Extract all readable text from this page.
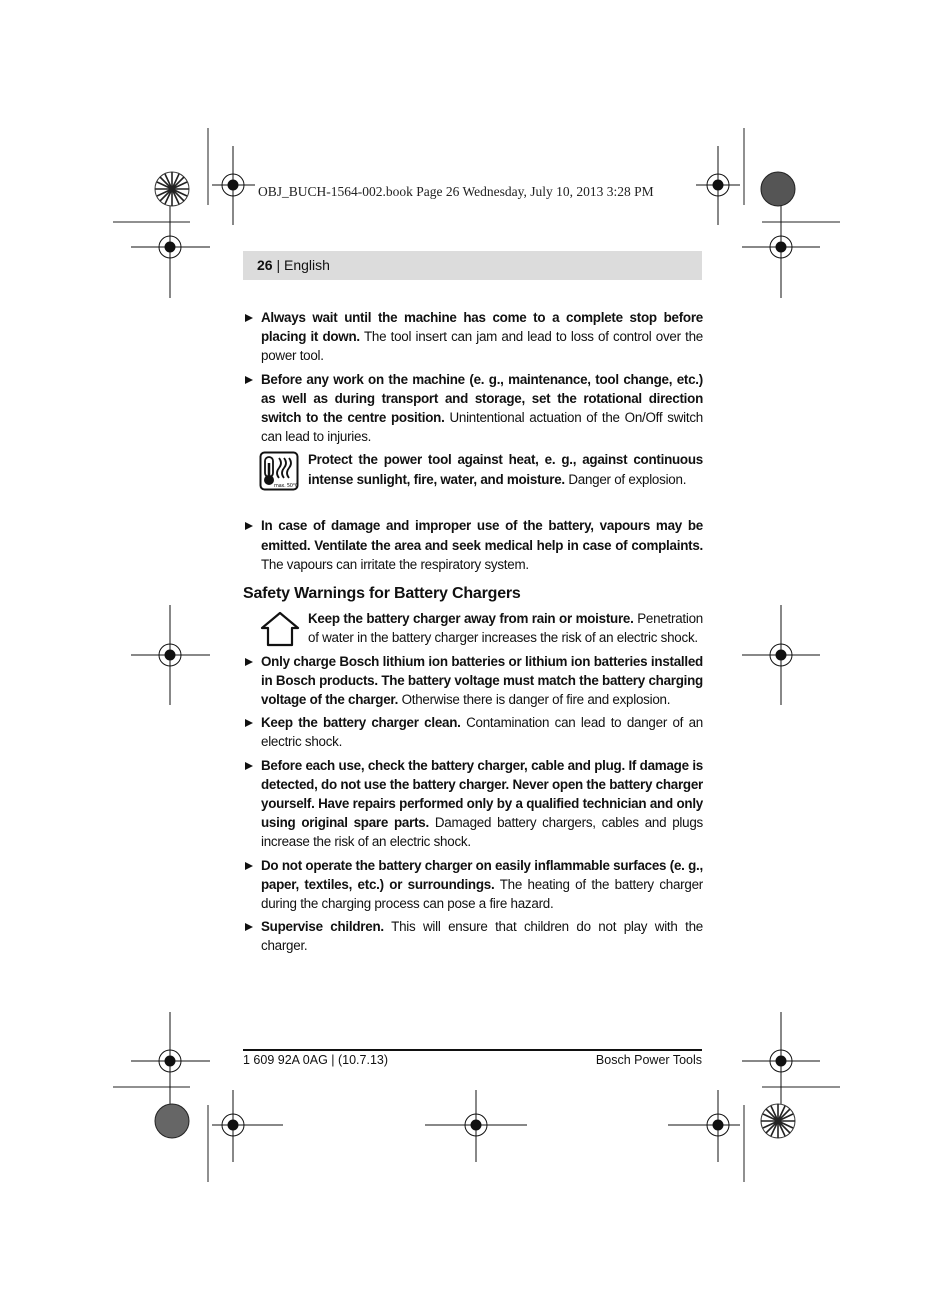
OBJ_BUCH-1564-002.book Page 26 Wednesday, July 10, 2013 3:28 PM
26 | English
Always wait until the machine has come to a complete stop before placing it down. The tool insert can jam and lead to loss of control over the power tool.
Before any work on the machine (e. g., maintenance, tool change, etc.) as well as during transport and storage, set the rotational direction switch to the centre position. Unintentional actuation of the On/Off switch can lead to injuries.
max. 50°C
Protect the power tool against heat, e. g., against continuous intense sunlight, fire, water, and moisture. Danger of explosion.
In case of damage and improper use of the battery, vapours may be emitted. Ventilate the area and seek medical help in case of complaints. The vapours can irritate the respiratory system.
Safety Warnings for Battery Chargers
Keep the battery charger away from rain or moisture. Penetration of water in the battery charger increases the risk of an electric shock.
Only charge Bosch lithium ion batteries or lithium ion batteries installed in Bosch products. The battery voltage must match the battery charging voltage of the charger. Otherwise there is danger of fire and explosion.
Keep the battery charger clean. Contamination can lead to danger of an electric shock.
Before each use, check the battery charger, cable and plug. If damage is detected, do not use the battery charger. Never open the battery charger yourself. Have repairs performed only by a qualified technician and only using original spare parts. Damaged battery chargers, cables and plugs increase the risk of an electric shock.
Do not operate the battery charger on easily inflammable surfaces (e. g., paper, textiles, etc.) or surroundings. The heating of the battery charger during the charging process can pose a fire hazard.
Supervise children. This will ensure that children do not play with the charger.
1 609 92A 0AG | (10.7.13)	Bosch Power Tools
